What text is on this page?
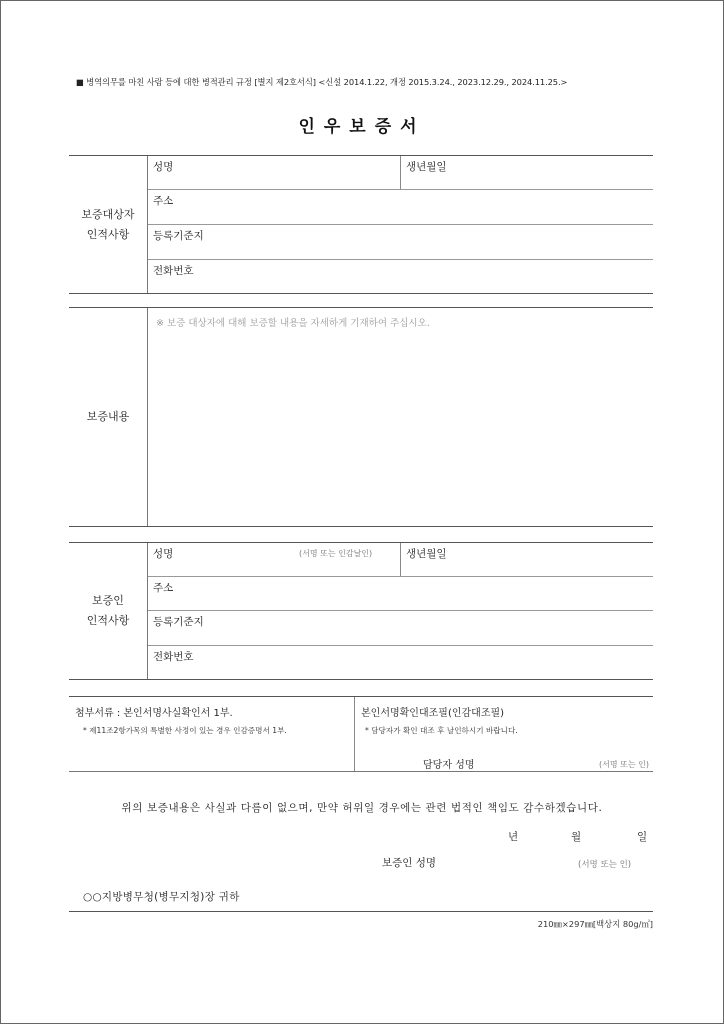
■ 병역의무를 마친 사람 등에 대한 병적관리 규정 [별지 제2호서식] <신설 2014.1.22, 개정 2015.3.24., 2023.12.29., 2024.11.25.>
인우보증서
보증대상자
인적사항
성명	생년월일
주소
등록기준지
전화번호
보증내용
※ 보증 대상자에 대해 보증할 내용을 자세하게 기재하여 주십시오.
보증인
인적사항
성명	(서명 또는 인감날인)	생년월일
주소
등록기준지
전화번호
첨부서류 : 본인서명사실확인서 1부.
* 제11조2항가목의 특별한 사정이 있는 경우 인감증명서 1부.
본인서명확인대조필(인감대조필)
* 담당자가 확인 대조 후 날인하시기 바랍니다.
담당자 성명	(서명 또는 인)
위의 보증내용은 사실과 다름이 없으며, 만약 허위일 경우에는 관련 법적인 책임도 감수하겠습니다.
년	월	일
보증인 성명	(서명 또는 인)
○○지방병무청(병무지청)장 귀하
210㎜×297㎜[백상지 80g/㎡]
